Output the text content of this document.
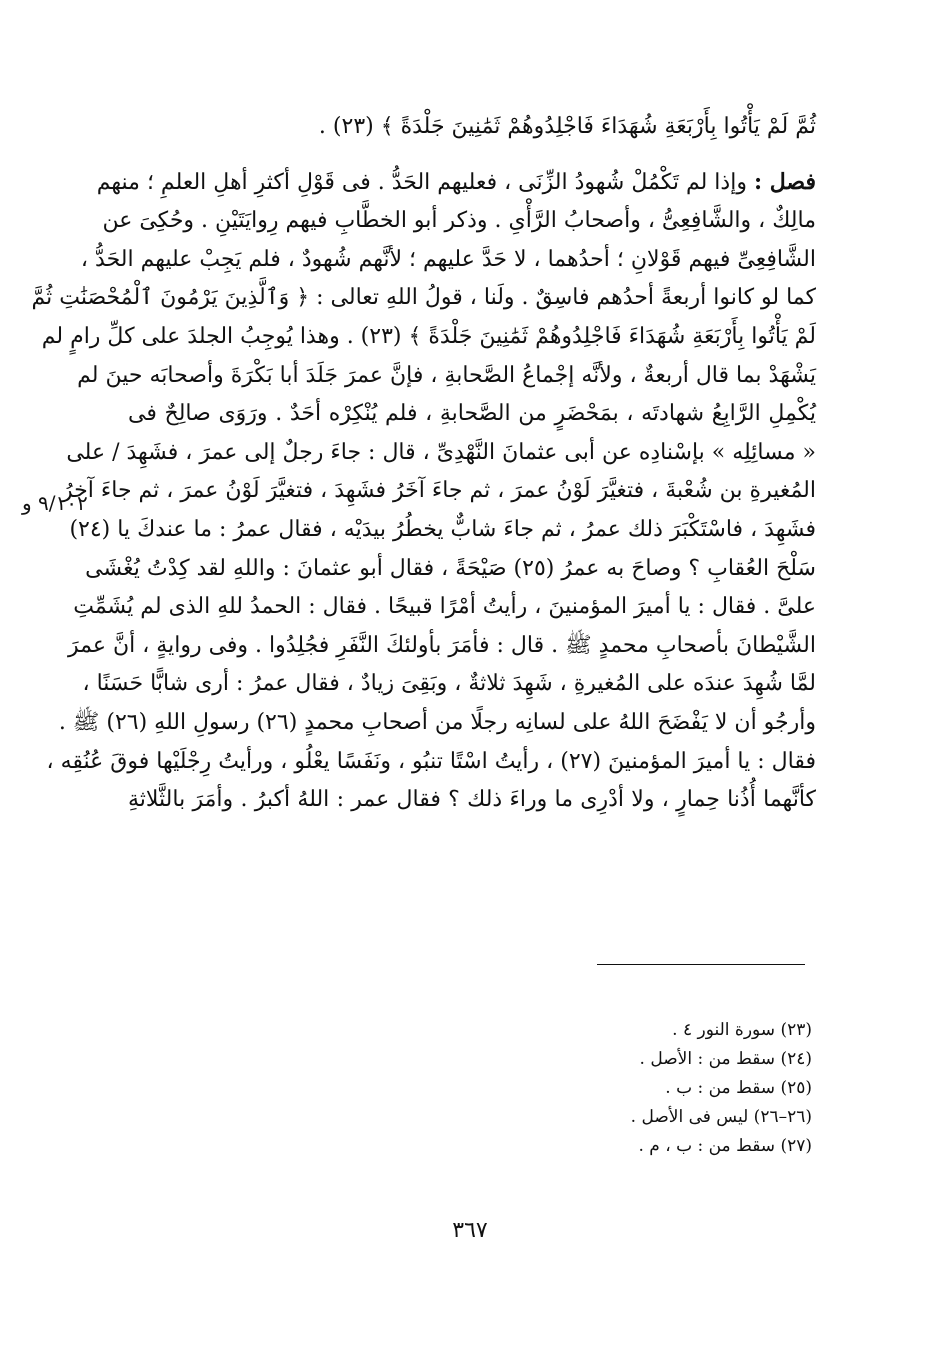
ثُمَّ لَمْ يَأْتُوا بِأَرْبَعَةِ شُهَدَاءَ فَاجْلِدُوهُمْ ثَمَٰنِينَ جَلْدَةً ﴾ (٢٣) .
فصل : وإذا لم تَكْمُلْ شُهودُ الزِّنَى ، فعليهم الحَدُّ . فى قَوْلِ أكثرِ أهلِ العلمِ ؛ منهم
مالِكٌ ، والشَّافِعِىُّ ، وأصحابُ الرَّأْىِ . وذكر أبو الخطَّابِ فيهم رِوايَتَيْنِ . وحُكِىَ عن
الشَّافِعِىِّ فيهم قَوْلانِ ؛ أحدُهما ، لا حَدَّ عليهم ؛ لأنَّهم شُهودٌ ، فلم يَجِبْ عليهم الحَدُّ ،
كما لو كانوا أربعةً أحدُهم فاسِقٌ . ولَنا ، قولُ اللهِ تعالى : ﴿ وَٱلَّذِينَ يَرْمُونَ ٱلْمُحْصَنَٰتِ ثُمَّ
لَمْ يَأْتُوا بِأَرْبَعَةِ شُهَدَاءَ فَاجْلِدُوهُمْ ثَمَٰنِينَ جَلْدَةً ﴾ (٢٣) . وهذا يُوجِبُ الجلدَ على كلِّ رامٍ لم
يَشْهَدْ بما قال أربعةٌ ، ولأنَّه إجْماعُ الصَّحابةِ ، فإنَّ عمرَ جَلَدَ أبا بَكْرَةَ وأصحابَه حينَ لم
يُكْمِلِ الرَّابِعُ شهادتَه ، بمَحْضَرٍ من الصَّحابةِ ، فلم يُنْكِرْه أحَدٌ . ورَوَى صالِحٌ فى
« مسائِلِه » بإسْنادِه عن أبى عثمانَ النَّهْدِىِّ ، قال : جاءَ رجلٌ إلى عمرَ ، فشَهِدَ / على
المُغيرةِ بن شُعْبةَ ، فتغيَّرَ لَوْنُ عمرَ ، ثم جاءَ آخَرُ فشَهِدَ ، فتغيَّرَ لَوْنُ عمرَ ، ثم جاءَ آخرُ
فشَهِدَ ، فاسْتَكْبَرَ ذلك عمرُ ، ثم جاءَ شابٌّ يخطُرُ بيدَيْه ، فقال عمرُ : ما عندكَ يا (٢٤)
سَلْحَ العُقابِ ؟ وصاحَ به عمرُ (٢٥) صَيْحَةً ، فقال أبو عثمانَ : واللهِ لقد كِدْتُ يُغْشَى
علىَّ . فقال : يا أميرَ المؤمنينَ ، رأيتُ أمْرًا قبيحًا . فقال : الحمدُ للهِ الذى لم يُشَمِّتِ
الشَّيْطانَ بأصحابِ محمدٍ ﷺ . قال : فأمَرَ بأولئكَ النَّفَرِ فجُلِدُوا . وفى روايةٍ ، أنَّ عمرَ
لمَّا شُهِدَ عندَه على المُغيرةِ ، شَهِدَ ثلاثةٌ ، وبَقِىَ زيادٌ ، فقال عمرُ : أرى شابًّا حَسَنًا ،
وأرجُو أن لا يَفْضَحَ اللهُ على لسانِه رجلًا من أصحابِ محمدٍ (٢٦) رسولِ اللهِ (٢٦) ﷺ .
فقال : يا أميرَ المؤمنينَ (٢٧) ، رأيتُ اسْتًا تنبُو ، ونَفَسًا يعْلُو ، ورأيتُ رِجْلَيْها فوقَ عُنُقِه ،
كأنَّهما أُذُنا حِمارٍ ، ولا أدْرِى ما وراءَ ذلك ؟ فقال عمر : اللهُ أكبرُ . وأمَرَ بالثَّلاثةِ
٩/١٠٢ و
(٢٣) سورة النور ٤ .
(٢٤) سقط من : الأصل .
(٢٥) سقط من : ب .
(٢٦–٢٦) ليس فى الأصل .
(٢٧) سقط من : ب ، م .
٣٦٧
